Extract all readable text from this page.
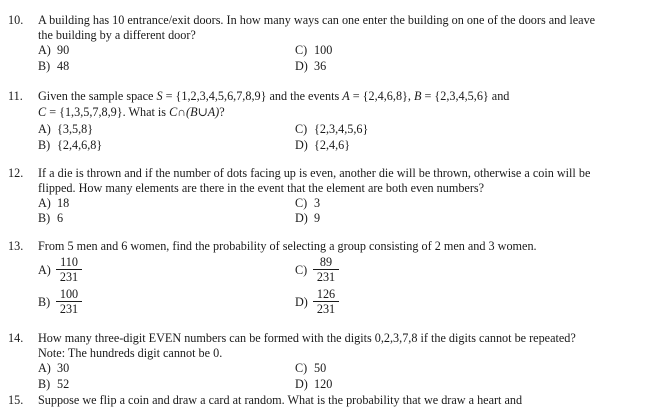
10.	A building has 10 entrance/exit doors. In how many ways can one enter the building on one of the doors and leave
the building by a different door?
A) 90	C) 100
B) 48	D) 36
11.	Given the sample space S = {1,2,3,4,5,6,7,8,9} and the events A = {2,4,6,8}, B = {2,3,4,5,6} and
C = {1,3,5,7,8,9}. What is C∩(B∪A)?
A) {3,5,8}	C) {2,3,4,5,6}
B) {2,4,6,8}	D) {2,4,6}
12.	If a die is thrown and if the number of dots facing up is even, another die will be thrown, otherwise a coin will be
flipped. How many elements are there in the event that the element are both even numbers?
A) 18	C) 3
B) 6	D) 9
13.	From 5 men and 6 women, find the probability of selecting a group consisting of 2 men and 3 women.
$A) \frac{110}{231}$	$C) \frac{89}{231}$
$B) \frac{100}{231}$	$D) \frac{126}{231}$
14.	How many three-digit EVEN numbers can be formed with the digits 0,2,3,7,8 if the digits cannot be repeated?
Note: The hundreds digit cannot be 0.
A) 30	C) 50
B) 52	D) 120
15. Suppose we flip a coin and draw a card at random. What is the probability that we draw a heart and
